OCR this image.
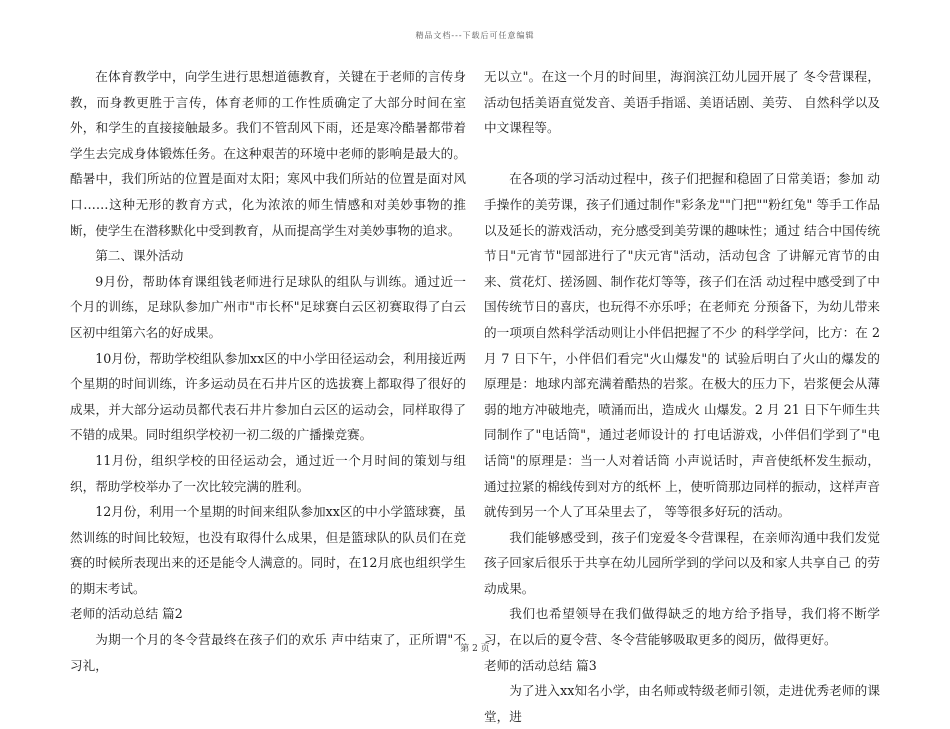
精品文档---下载后可任意编辑

在体育教学中，向学生进行思想道德教育，关键在于老师的言传身教，而身教更胜于言传，体育老师的工作性质确定了大部分时间在室外，和学生的直接接触最多。我们不管刮风下雨，还是寒冷酷暑都带着学生去完成身体锻炼任务。在这种艰苦的环境中老师的影响是最大的。酷暑中，我们所站的位置是面对太阳；寒风中我们所站的位置是面对风口……这种无形的教育方式，化为浓浓的师生情感和对美妙事物的推断，使学生在潜移默化中受到教育，从而提高学生对美妙事物的追求。

第二、课外活动

9月份，帮助体育课组钱老师进行足球队的组队与训练。通过近一个月的训练，足球队参加广州市"市长杯"足球赛白云区初赛取得了白云区初中组第六名的好成果。

10月份，帮助学校组队参加xx区的中小学田径运动会，利用接近两个星期的时间训练，许多运动员在石井片区的选拔赛上都取得了很好的成果，并大部分运动员都代表石井片参加白云区的运动会，同样取得了不错的成果。同时组织学校初一初二级的广播操竞赛。

11月份，组织学校的田径运动会，通过近一个月时间的策划与组织，帮助学校举办了一次比较完满的胜利。

12月份，利用一个星期的时间来组队参加xx区的中小学篮球赛，虽然训练的时间比较短，也没有取得什么成果，但是篮球队的队员们在竞赛的时候所表现出来的还是能令人满意的。同时，在12月底也组织学生的期末考试。

老师的活动总结 篇2

为期一个月的冬令营最终在孩子们的欢乐 声中结束了，正所谓"不习礼，

无以立"。在这一个月的时间里，海润滨江幼儿园开展了 冬令营课程，活动包括美语直觉发音、美语手指谣、美语话剧、美劳、 自然科学以及中文课程等。

在各项的学习活动过程中，孩子们把握和稳固了日常美语；参加 动手操作的美劳课，孩子们通过制作"彩条龙""门把""粉红兔" 等手工作品以及延长的游戏活动，充分感受到美劳课的趣味性；通过 结合中国传统节日"元宵节"园部进行了"庆元宵"活动，活动包含 了讲解元宵节的由来、赏花灯、搓汤圆、制作花灯等等，孩子们在活 动过程中感受到了中国传统节日的喜庆，也玩得不亦乐呼；在老师充 分预备下，为幼儿带来的一项项自然科学活动则让小伴侣把握了不少 的科学学问，比方：在 2 月 7 日下午，小伴侣们看完"火山爆发"的 试验后明白了火山的爆发的原理是：地球内部充满着酷热的岩浆。在极大的压力下，岩浆便会从薄弱的地方冲破地壳，喷涌而出，造成火 山爆发。2 月 21 日下午师生共同制作了"电话筒"，通过老师设计的 打电话游戏，小伴侣们学到了"电话筒"的原理是：当一人对着话筒 小声说话时，声音使纸杯发生振动，通过拉紧的棉线传到对方的纸杯 上，使听筒那边同样的振动，这样声音就传到另一个人了耳朵里去了， 等等很多好玩的活动。

我们能够感受到，孩子们宠爱冬令营课程，在亲师沟通中我们发觉孩子回家后很乐于共享在幼儿园所学到的学问以及和家人共享自己 的劳动成果。

我们也希望领导在我们做得缺乏的地方给予指导，我们将不断学 习，在以后的夏令营、冬令营能够吸取更多的阅历，做得更好。

老师的活动总结 篇3

为了进入xx知名小学，由名师或特级老师引领，走进优秀老师的课堂，进

第 2 页
